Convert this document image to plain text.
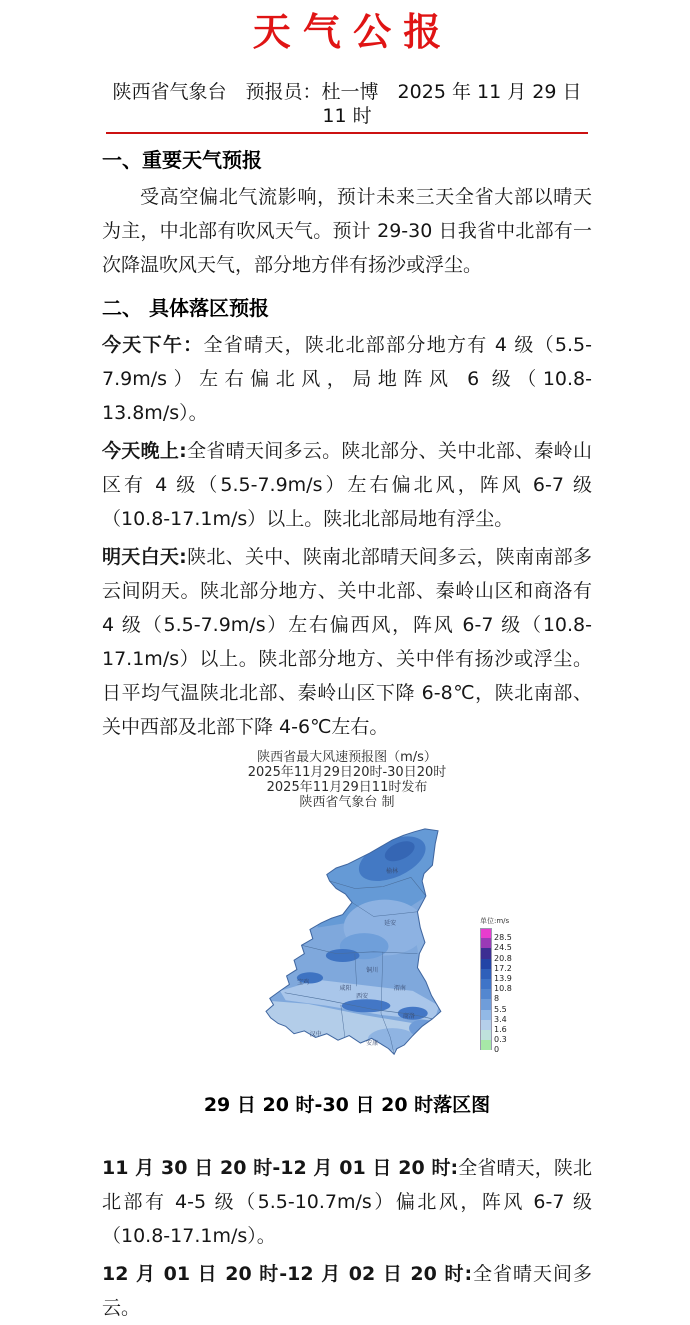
天气公报
陕西省气象台　预报员：杜一博　2025 年 11 月 29 日 11 时
一、重要天气预报

受高空偏北气流影响，预计未来三天全省大部以晴天为主，中北部有吹风天气。预计 29-30 日我省中北部有一次降温吹风天气，部分地方伴有扬沙或浮尘。

二、 具体落区预报

今天下午：全省晴天，陕北北部部分地方有 4 级（5.5-7.9m/s）左右偏北风，局地阵风 6 级（10.8-13.8m/s）。

今天晚上:全省晴天间多云。陕北部分、关中北部、秦岭山区有 4 级（5.5-7.9m/s）左右偏北风，阵风 6-7 级（10.8-17.1m/s）以上。陕北北部局地有浮尘。

明天白天:陕北、关中、陕南北部晴天间多云，陕南南部多云间阴天。陕北部分地方、关中北部、秦岭山区和商洛有 4 级（5.5-7.9m/s）左右偏西风，阵风 6-7 级（10.8-17.1m/s）以上。陕北部分地方、关中伴有扬沙或浮尘。日平均气温陕北北部、秦岭山区下降 6-8℃，陕北南部、关中西部及北部下降 4-6℃左右。

陕西省最大风速预报图（m/s）
2025年11月29日20时-30日20时
2025年11月29日11时发布
陕西省气象台 制
榆林
延安
铜川
咸阳
宝鸡
西安
渭南
商洛
汉中
安康
单位:m/s
28.5
24.5
20.8
17.2
13.9
10.8
8
5.5
3.4
1.6
0.3
0
29 日 20 时-30 日 20 时落区图

11 月 30 日 20 时-12 月 01 日 20 时:全省晴天，陕北北部有 4-5 级（5.5-10.7m/s）偏北风，阵风 6-7 级（10.8-17.1m/s）。

12 月 01 日 20 时-12 月 02 日 20 时:全省晴天间多云。
